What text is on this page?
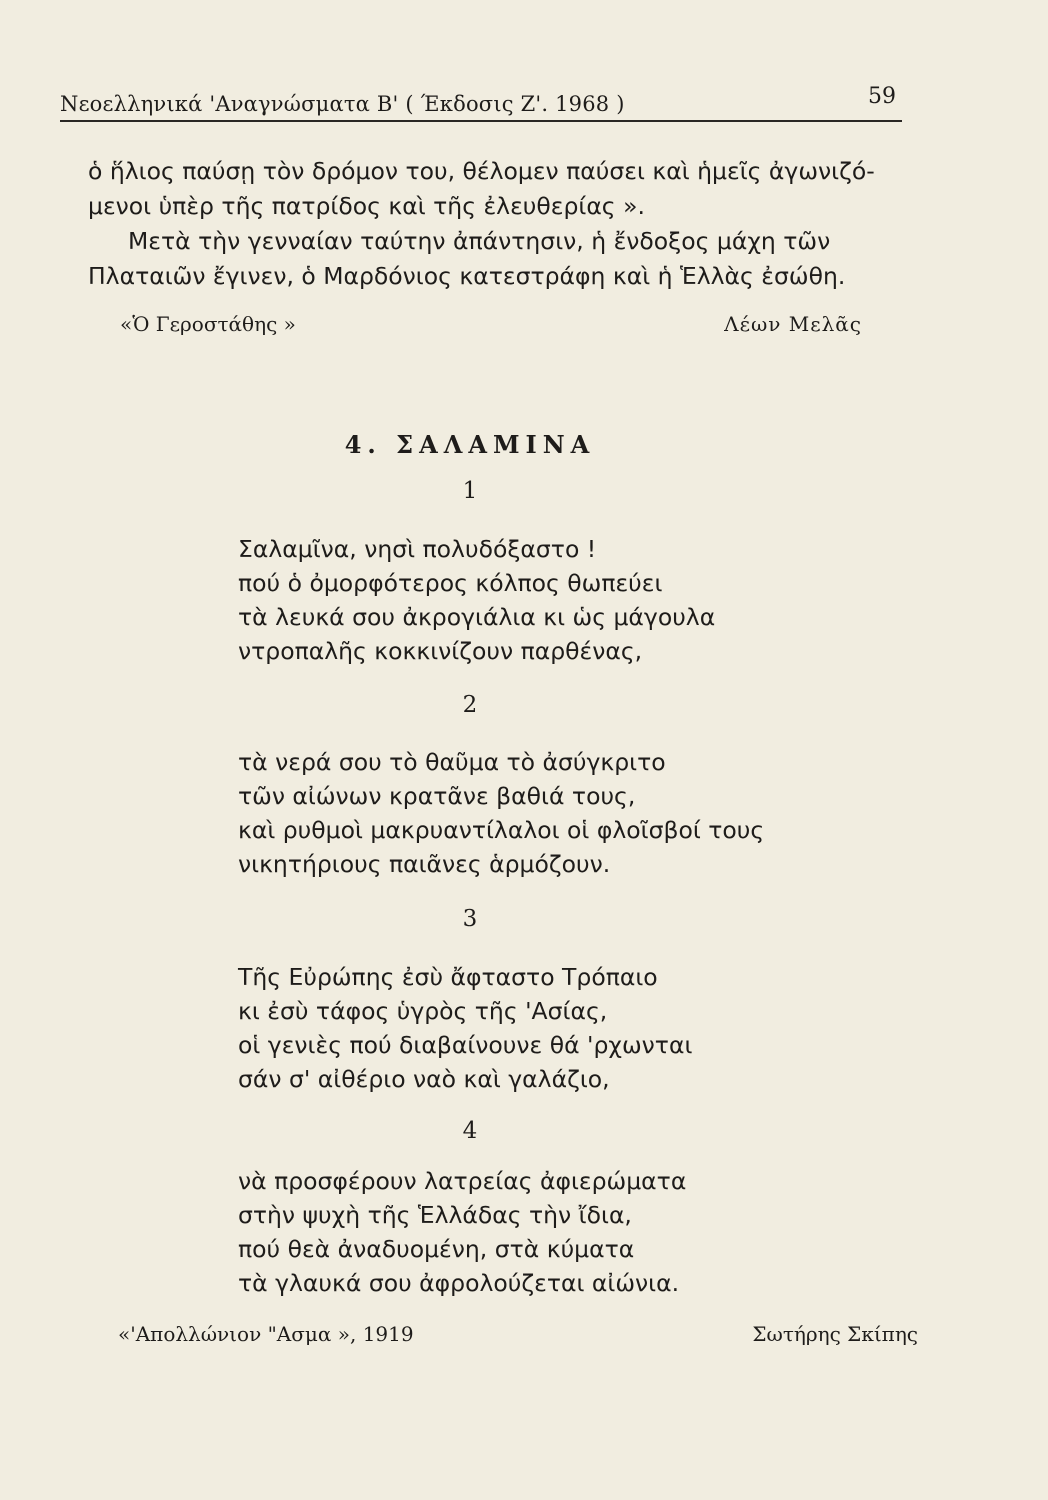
Νεοελληνικά 'Αναγνώσματα Β' ( Έκδοσις Ζ'. 1968 )	59

ὁ ἥλιος παύσῃ τὸν δρόμον του, θέλομεν παύσει καὶ ἡμεῖς ἀγωνιζό-

μενοι ὑπὲρ τῆς πατρίδος καὶ τῆς ἐλευθερίας ».

Μετὰ τὴν γενναίαν ταύτην ἀπάντησιν, ἡ ἔνδοξος μάχη τῶν

Πλαταιῶν ἔγινεν, ὁ Μαρδόνιος κατεστράφη καὶ ἡ Ἑλλὰς ἐσώθη.

«Ὁ Γεροστάθης »	Λέων Μελᾶς
4. ΣΑΛΑΜΙΝΑ
1
Σαλαμῖνα, νησὶ πολυδόξαστο !
πού ὁ ὀμορφότερος κόλπος θωπεύει
τὰ λευκά σου ἀκρογιάλια κι ὡς μάγουλα
ντροπαλῆς κοκκινίζουν παρθένας,
2
τὰ νερά σου τὸ θαῦμα τὸ ἀσύγκριτο
τῶν αἰώνων κρατᾶνε βαθιά τους,
καὶ ρυθμοὶ μακρυαντίλαλοι οἱ φλοῖσβοί τους
νικητήριους παιᾶνες ἁρμόζουν.
3
Τῆς Εὐρώπης ἐσὺ ἄφταστο Τρόπαιο
κι ἐσὺ τάφος ὑγρὸς τῆς 'Ασίας,
οἱ γενιὲς πού διαβαίνουνε θά 'ρχωνται
σάν σ' αἰθέριο ναὸ καὶ γαλάζιο,
4
νὰ προσφέρουν λατρείας ἀφιερώματα
στὴν ψυχὴ τῆς Ἑλλάδας τὴν ἴδια,
πού θεὰ ἀναδυομένη, στὰ κύματα
τὰ γλαυκά σου ἀφρολούζεται αἰώνια.
«'Απολλώνιον "Ασμα », 1919	Σωτήρης Σκίπης
